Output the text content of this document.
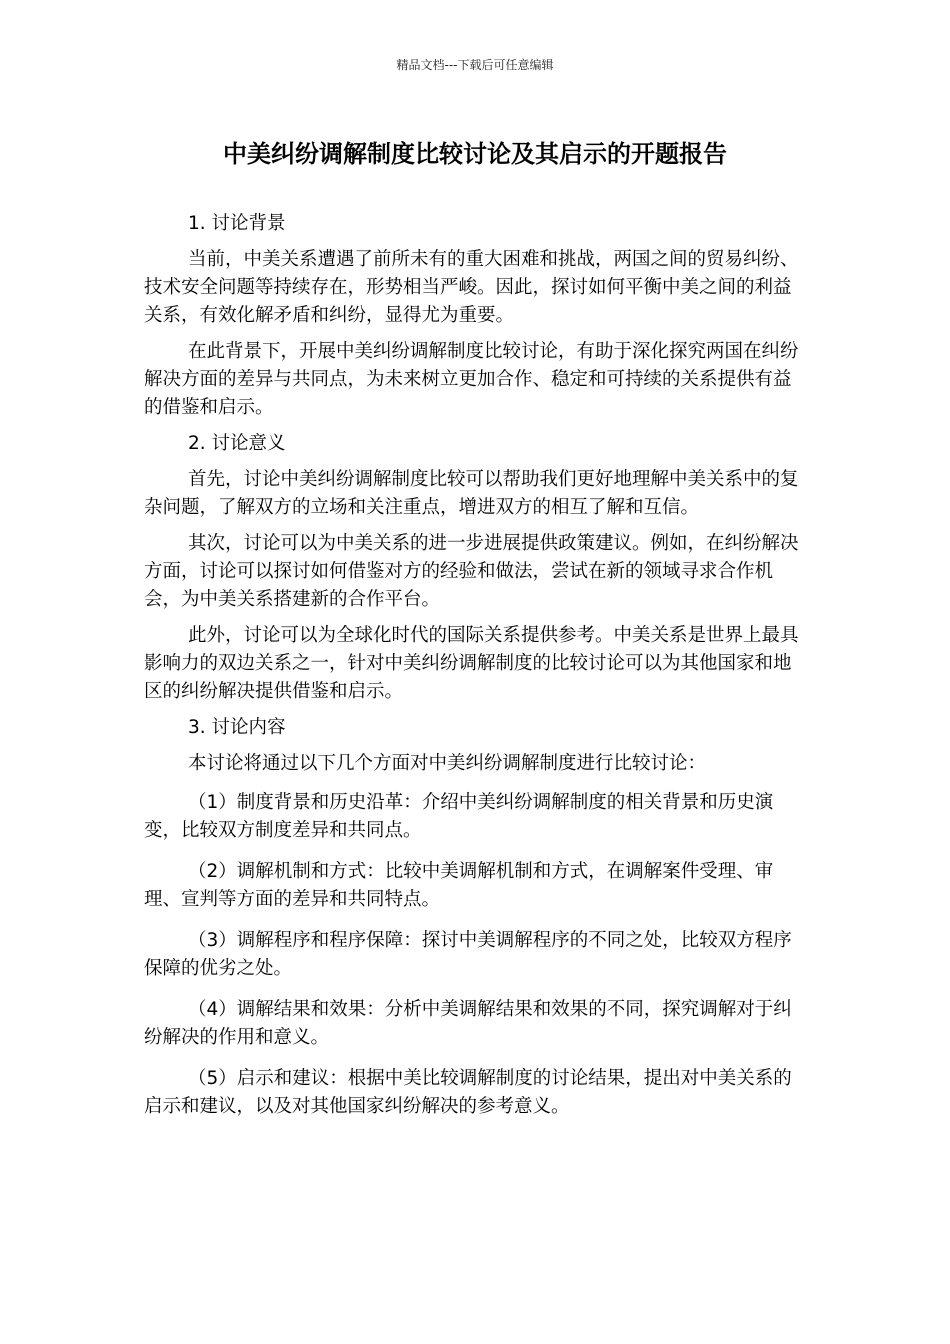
精品文档---下载后可任意编辑
中美纠纷调解制度比较讨论及其启示的开题报告
1. 讨论背景
当前，中美关系遭遇了前所未有的重大困难和挑战，两国之间的贸易纠纷、技术安全问题等持续存在，形势相当严峻。因此，探讨如何平衡中美之间的利益关系，有效化解矛盾和纠纷，显得尤为重要。
在此背景下，开展中美纠纷调解制度比较讨论，有助于深化探究两国在纠纷解决方面的差异与共同点，为未来树立更加合作、稳定和可持续的关系提供有益的借鉴和启示。
2. 讨论意义
首先，讨论中美纠纷调解制度比较可以帮助我们更好地理解中美关系中的复杂问题，了解双方的立场和关注重点，增进双方的相互了解和互信。
其次，讨论可以为中美关系的进一步进展提供政策建议。例如，在纠纷解决方面，讨论可以探讨如何借鉴对方的经验和做法，尝试在新的领域寻求合作机会，为中美关系搭建新的合作平台。
此外，讨论可以为全球化时代的国际关系提供参考。中美关系是世界上最具影响力的双边关系之一，针对中美纠纷调解制度的比较讨论可以为其他国家和地区的纠纷解决提供借鉴和启示。
3. 讨论内容
本讨论将通过以下几个方面对中美纠纷调解制度进行比较讨论：
（1）制度背景和历史沿革：介绍中美纠纷调解制度的相关背景和历史演变，比较双方制度差异和共同点。
（2）调解机制和方式：比较中美调解机制和方式，在调解案件受理、审理、宣判等方面的差异和共同特点。
（3）调解程序和程序保障：探讨中美调解程序的不同之处，比较双方程序保障的优劣之处。
（4）调解结果和效果：分析中美调解结果和效果的不同，探究调解对于纠纷解决的作用和意义。
（5）启示和建议：根据中美比较调解制度的讨论结果，提出对中美关系的启示和建议，以及对其他国家纠纷解决的参考意义。
